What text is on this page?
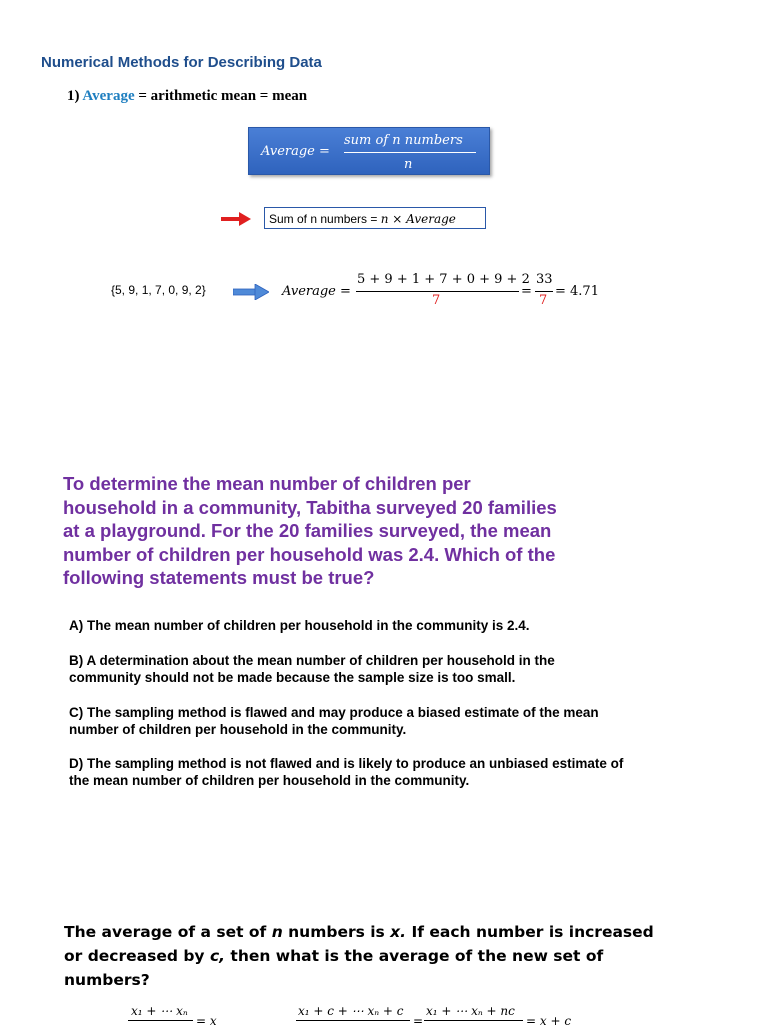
Numerical Methods for Describing Data
1) Average = arithmetic mean = mean
Average =
sum of n numbers
n
Sum of n numbers = n × Average
{5, 9, 1, 7, 0, 9, 2}	Average =
5 + 9 + 1 + 7 + 0 + 9 + 2
7
=
33
7
= 4.71
To determine the mean number of children per household in a community, Tabitha surveyed 20 families at a playground. For the 20 families surveyed, the mean number of children per household was 2.4. Which of the following statements must be true?
A) The mean number of children per household in the community is 2.4.
B) A determination about the mean number of children per household in the community should not be made because the sample size is too small.
C) The sampling method is flawed and may produce a biased estimate of the mean number of children per household in the community.
D) The sampling method is not flawed and is likely to produce an unbiased estimate of the mean number of children per household in the community.
The average of a set of n numbers is x. If each number is increased or decreased by c, then what is the average of the new set of numbers?
x₁ + ⋯ xₙ
= x
x₁ + c + ⋯ xₙ + c
=
x₁ + ⋯ xₙ + nc
= x + c
